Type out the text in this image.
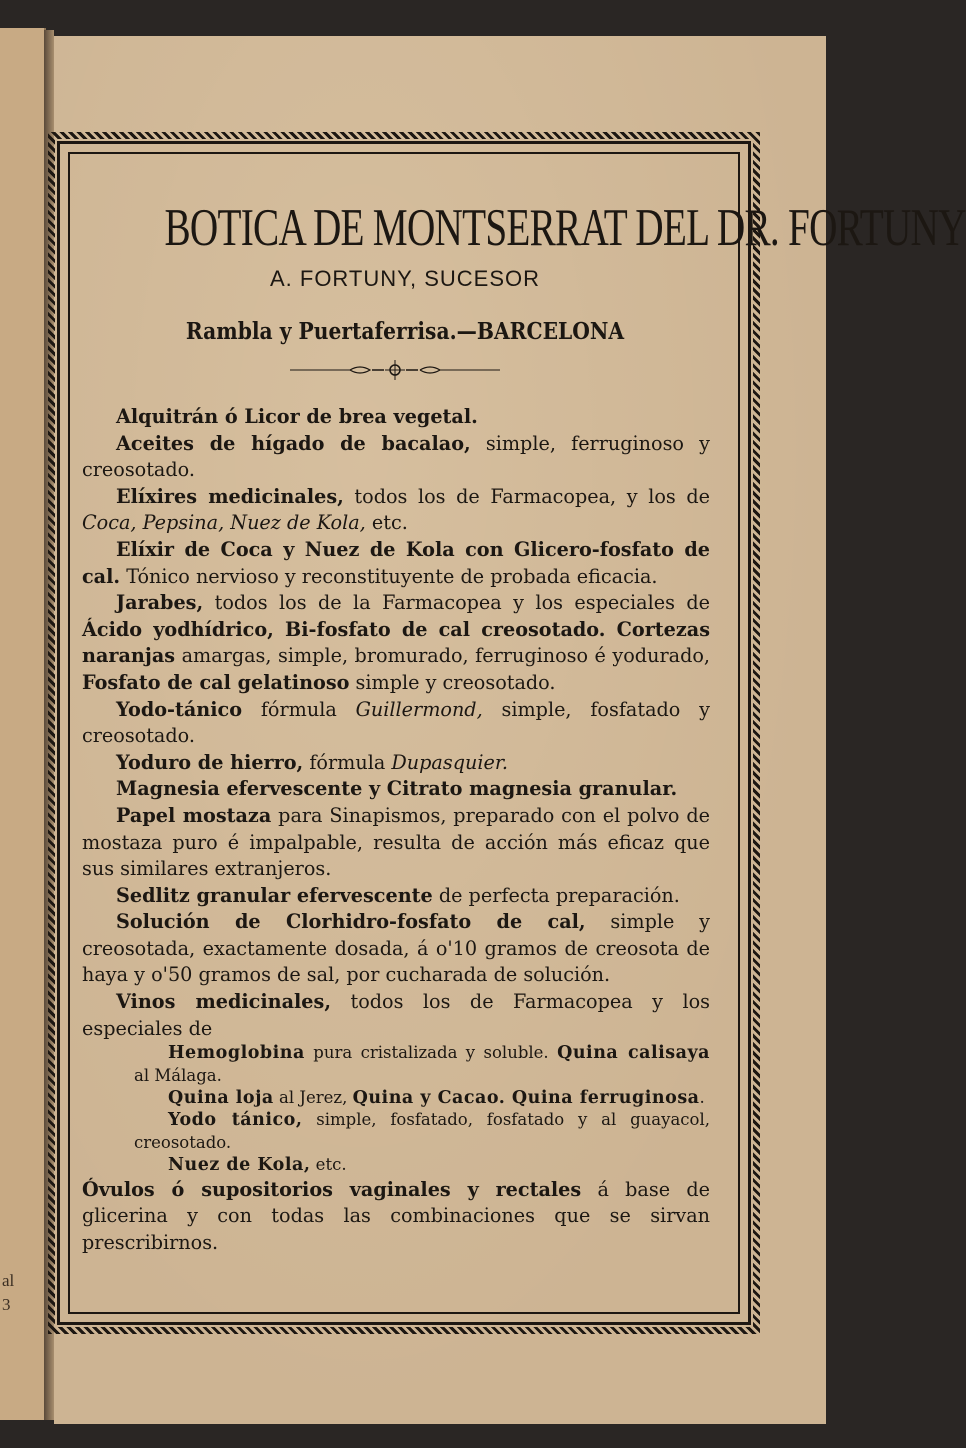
al
3
BOTICA DE MONTSERRAT DEL DR. FORTUNY
A. FORTUNY, SUCESOR
Rambla y Puertaferrisa.—BARCELONA

Alquitrán ó Licor de brea vegetal.

Aceites de hígado de bacalao, simple, ferruginoso y creosotado.

Elíxires medicinales, todos los de Farmacopea, y los de Coca, Pepsina, Nuez de Kola, etc.

Elíxir de Coca y Nuez de Kola con Glicero-fosfato de cal. Tónico nervioso y reconstituyente de probada eficacia.

Jarabes, todos los de la Farmacopea y los especiales de Ácido yodhídrico, Bi-fosfato de cal creosotado. Cortezas naranjas amargas, simple, bromurado, ferruginoso é yodurado, Fosfato de cal gelatinoso simple y creosotado.

Yodo-tánico fórmula Guillermond, simple, fosfatado y creosotado.

Yoduro de hierro, fórmula Dupasquier.

Magnesia efervescente y Citrato magnesia granular.

Papel mostaza para Sinapismos, preparado con el polvo de mostaza puro é impalpable, resulta de acción más eficaz que sus similares extranjeros.

Sedlitz granular efervescente de perfecta preparación.

Solución de Clorhidro-fosfato de cal, simple y creosotada, exactamente dosada, á o'10 gramos de creosota de haya y o'50 gramos de sal, por cucharada de solución.

Vinos medicinales, todos los de Farmacopea y los especiales de

Hemoglobina pura cristalizada y soluble. Quina calisaya al Málaga.

Quina loja al Jerez, Quina y Cacao. Quina ferruginosa.

Yodo tánico, simple, fosfatado, fosfatado y al guayacol, creosotado.

Nuez de Kola, etc.

Óvulos ó supositorios vaginales y rectales á base de glicerina y con todas las combinaciones que se sirvan prescribirnos.
